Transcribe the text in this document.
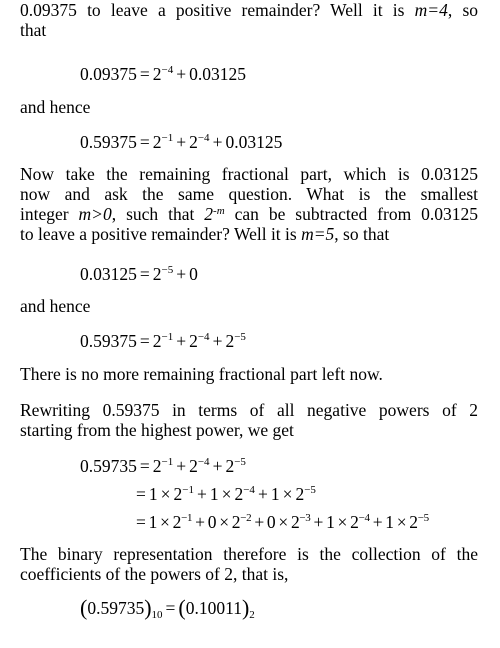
0.09375 to leave a positive remainder? Well it is m=4, so
that
$0.09375 = 2^{-4} + 0.03125$
and hence
$0.59375 = 2^{-1} + 2^{-4} + 0.03125$
Now take the remaining fractional part, which is 0.03125
now and ask the same question. What is the smallest
integer m>0, such that $2^{-m}$ can be subtracted from 0.03125
to leave a positive remainder? Well it is m=5, so that
$0.03125 = 2^{-5} + 0$
and hence
$0.59375 = 2^{-1} + 2^{-4} + 2^{-5}$
There is no more remaining fractional part left now.
Rewriting 0.59375 in terms of all negative powers of 2
starting from the highest power, we get
$0.59735 = 2^{-1} + 2^{-4} + 2^{-5}$
= $1 \times 2^{-1} + 1 \times 2^{-4} + 1 \times 2^{-5}$
= $1 \times 2^{-1} + 0 \times 2^{-2} + 0 \times 2^{-3} + 1 \times 2^{-4} + 1 \times 2^{-5}$
The binary representation therefore is the collection of the
coefficients of the powers of 2, that is,
$(0.59735)_{10} = (0.10011)_2$
